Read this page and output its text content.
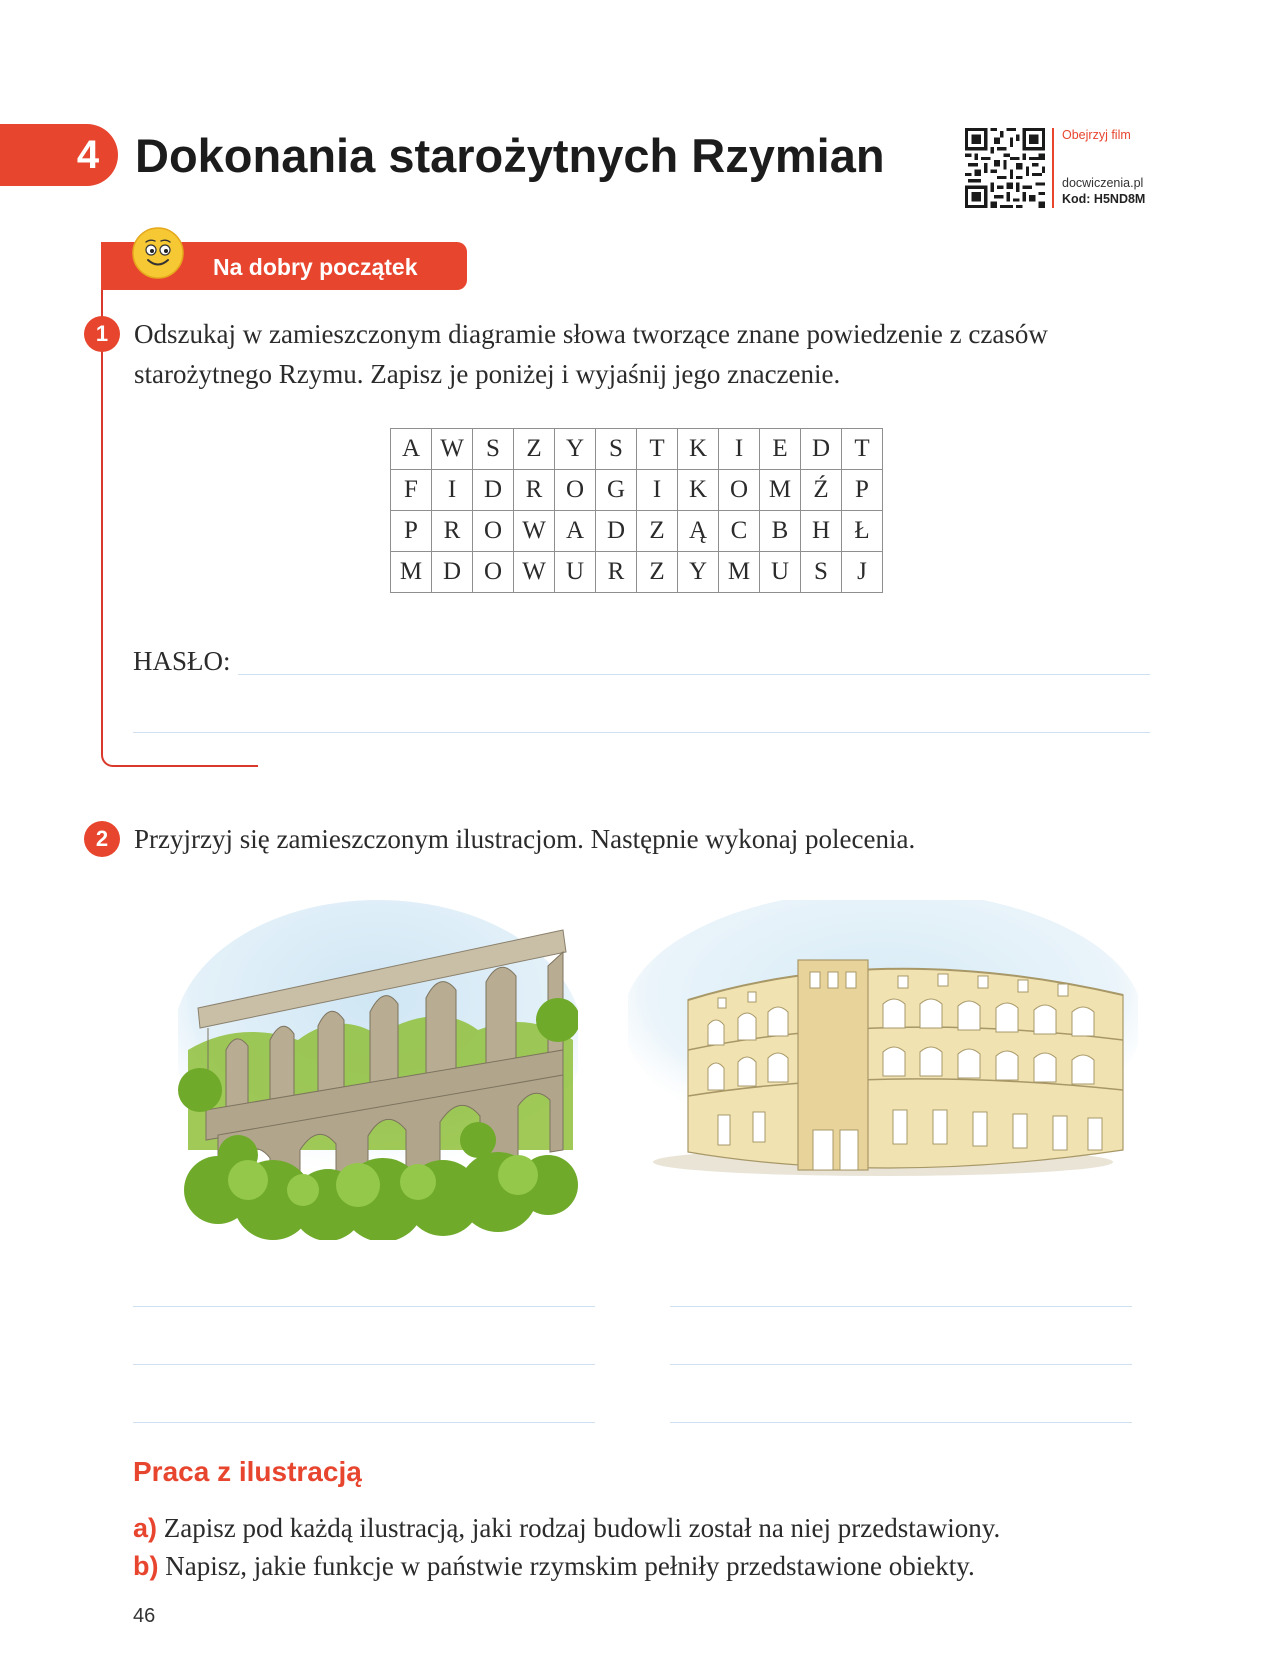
4 Dokonania starożytnych Rzymian	Obejrzyj film
docwiczenia.pl
Kod: H5ND8M
Na dobry początek
1 Odszukaj w zamieszczonym diagramie słowa tworzące znane powiedzenie z czasów
starożytnego Rzymu. Zapisz je poniżej i wyjaśnij jego znaczenie.
A	W	S	Z	Y	S	T	K	I	E	D	T
F	I	D	R	O	G	I	K	O	M	Ź	P
P	R	O	W	A	D	Z	Ą	C	B	H	Ł
M	D	O	W	U	R	Z	Y	M	U	S	J
HASŁO:
2 Przyjrzyj się zamieszczonym ilustracjom. Następnie wykonaj polecenia.
Praca z ilustracją
a) Zapisz pod każdą ilustracją, jaki rodzaj budowli został na niej przedstawiony.
b) Napisz, jakie funkcje w państwie rzymskim pełniły przedstawione obiekty.
46
